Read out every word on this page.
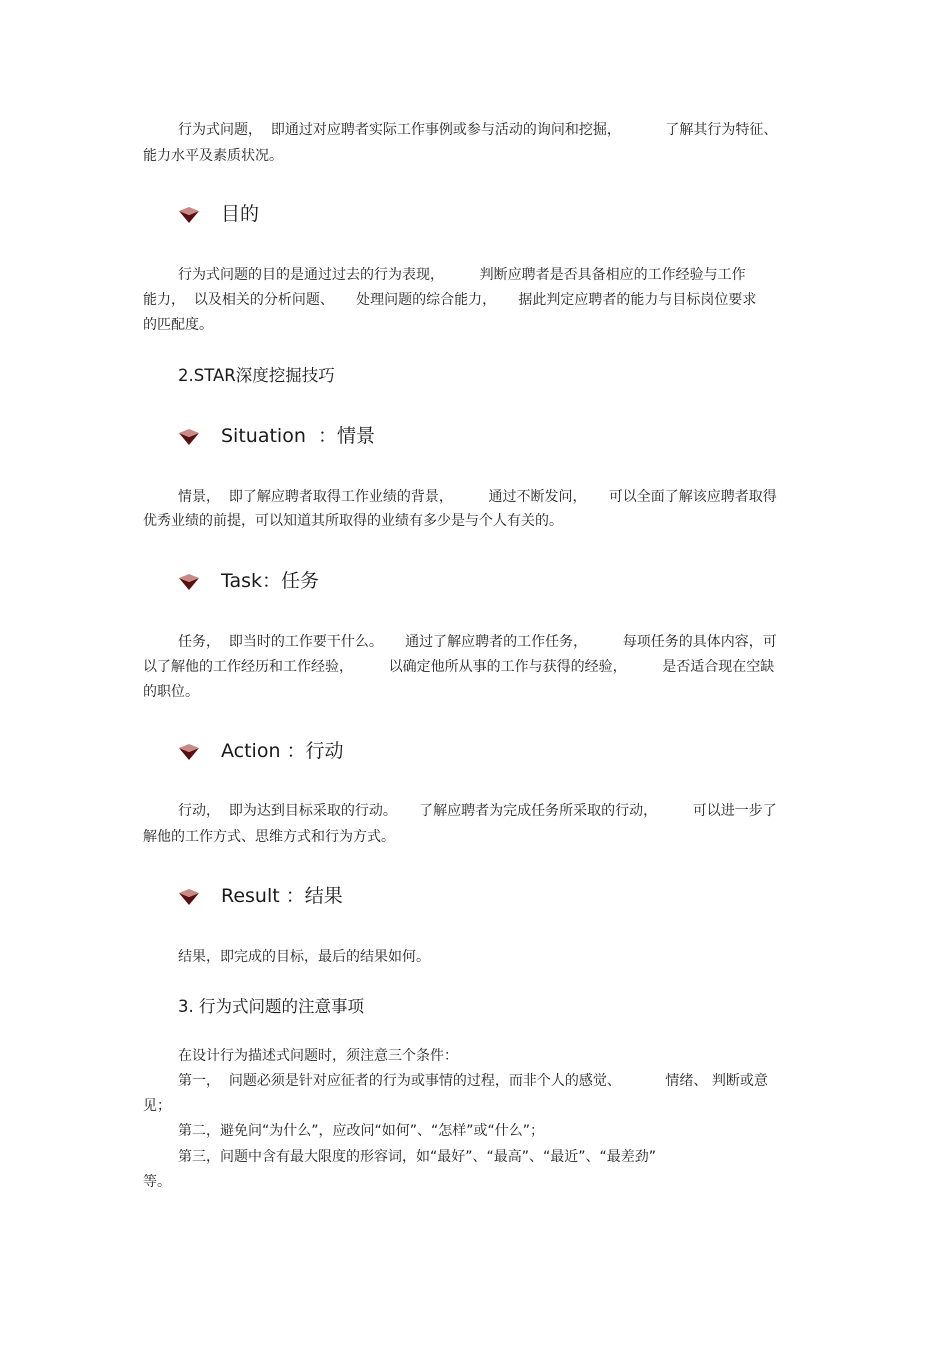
行为式问题，  即通过对应聘者实际工作事例或参与活动的询问和挖掘，          了解其行为特征、
能力水平及素质状况。
目的
行为式问题的目的是通过过去的行为表现，        判断应聘者是否具备相应的工作经验与工作
能力，  以及相关的分析问题、     处理问题的综合能力，     据此判定应聘者的能力与目标岗位要求
的匹配度。
2.STAR深度挖掘技巧
Situation  ：情景
情景，  即了解应聘者取得工作业绩的背景，        通过不断发问，     可以全面了解该应聘者取得
优秀业绩的前提，可以知道其所取得的业绩有多少是与个人有关的。
Task：任务
任务，  即当时的工作要干什么。     通过了解应聘者的工作任务，        每项任务的具体内容，可
以了解他的工作经历和工作经验，        以确定他所从事的工作与获得的经验，        是否适合现在空缺
的职位。
Action ：行动
行动，  即为达到目标采取的行动。     了解应聘者为完成任务所采取的行动，        可以进一步了
解他的工作方式、思维方式和行为方式。
Result ：结果
结果，即完成的目标，最后的结果如何。
3. 行为式问题的注意事项
在设计行为描述式问题时，须注意三个条件：
第一，  问题必须是针对应征者的行为或事情的过程，而非个人的感觉、          情绪、 判断或意
见；
第二，避免问“为什么”，应改问“如何”、“怎样”或“什么”；
第三，问题中含有最大限度的形容词，如“最好”、“最高”、“最近”、“最差劲”
等。
